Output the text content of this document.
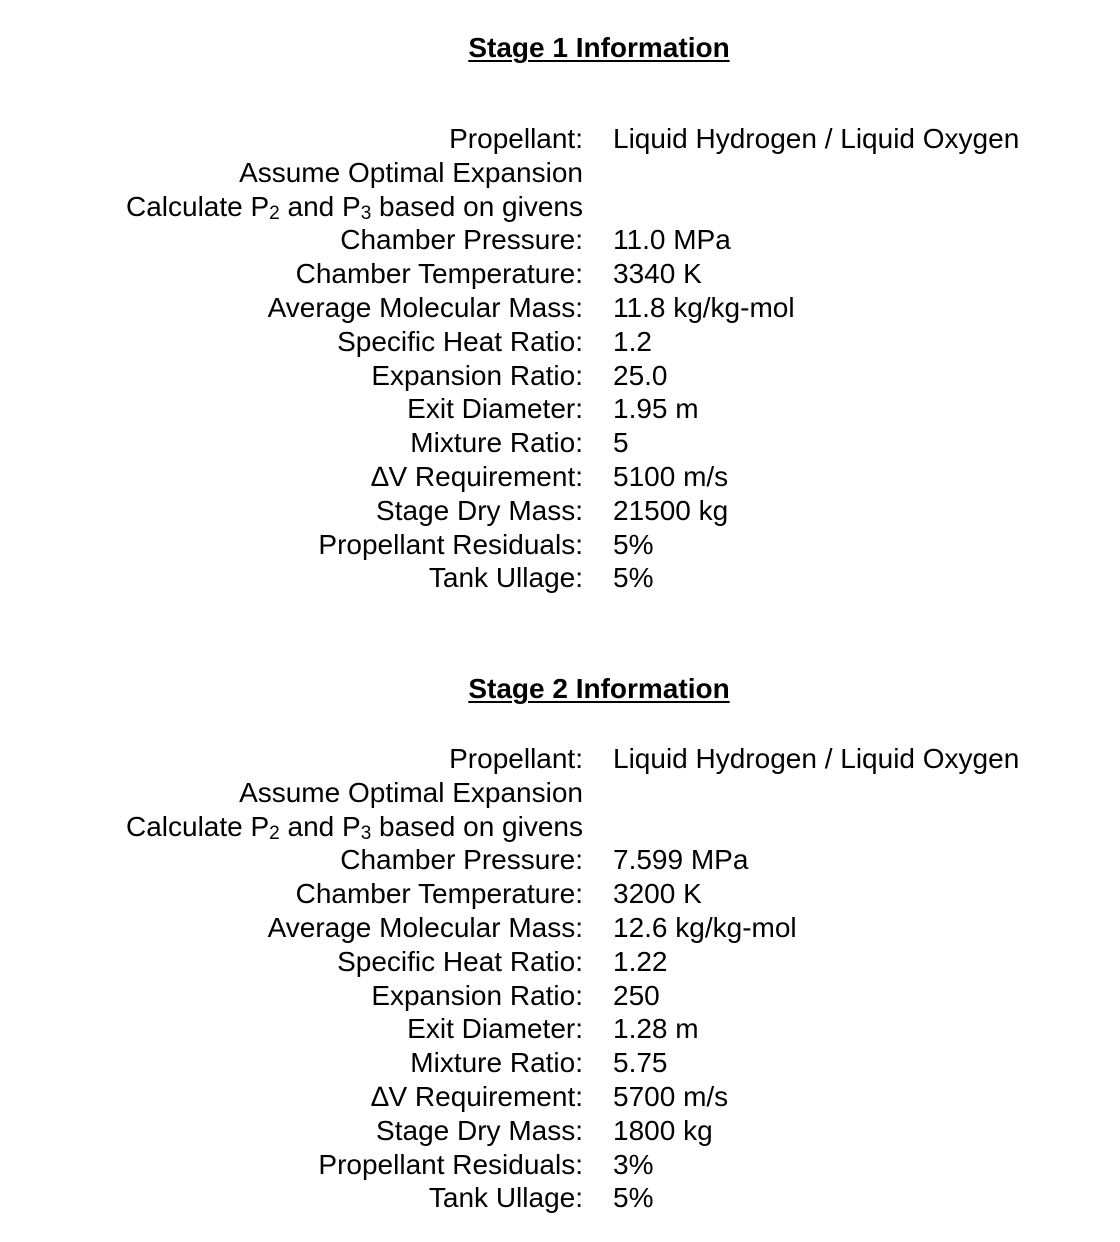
Stage 1 Information
Propellant: Liquid Hydrogen / Liquid Oxygen
Assume Optimal Expansion
Calculate $P_2$ and $P_3$ based on givens
Chamber Pressure: 11.0 MPa
Chamber Temperature: 3340 K
Average Molecular Mass: 11.8 kg/kg-mol
Specific Heat Ratio: 1.2
Expansion Ratio: 25.0
Exit Diameter: 1.95 m
Mixture Ratio: 5
∆V Requirement: 5100 m/s
Stage Dry Mass: 21500 kg
Propellant Residuals: 5%
Tank Ullage: 5%
Stage 2 Information
Propellant: Liquid Hydrogen / Liquid Oxygen
Assume Optimal Expansion
Calculate $P_2$ and $P_3$ based on givens
Chamber Pressure: 7.599 MPa
Chamber Temperature: 3200 K
Average Molecular Mass: 12.6 kg/kg-mol
Specific Heat Ratio: 1.22
Expansion Ratio: 250
Exit Diameter: 1.28 m
Mixture Ratio: 5.75
∆V Requirement: 5700 m/s
Stage Dry Mass: 1800 kg
Propellant Residuals: 3%
Tank Ullage: 5%
